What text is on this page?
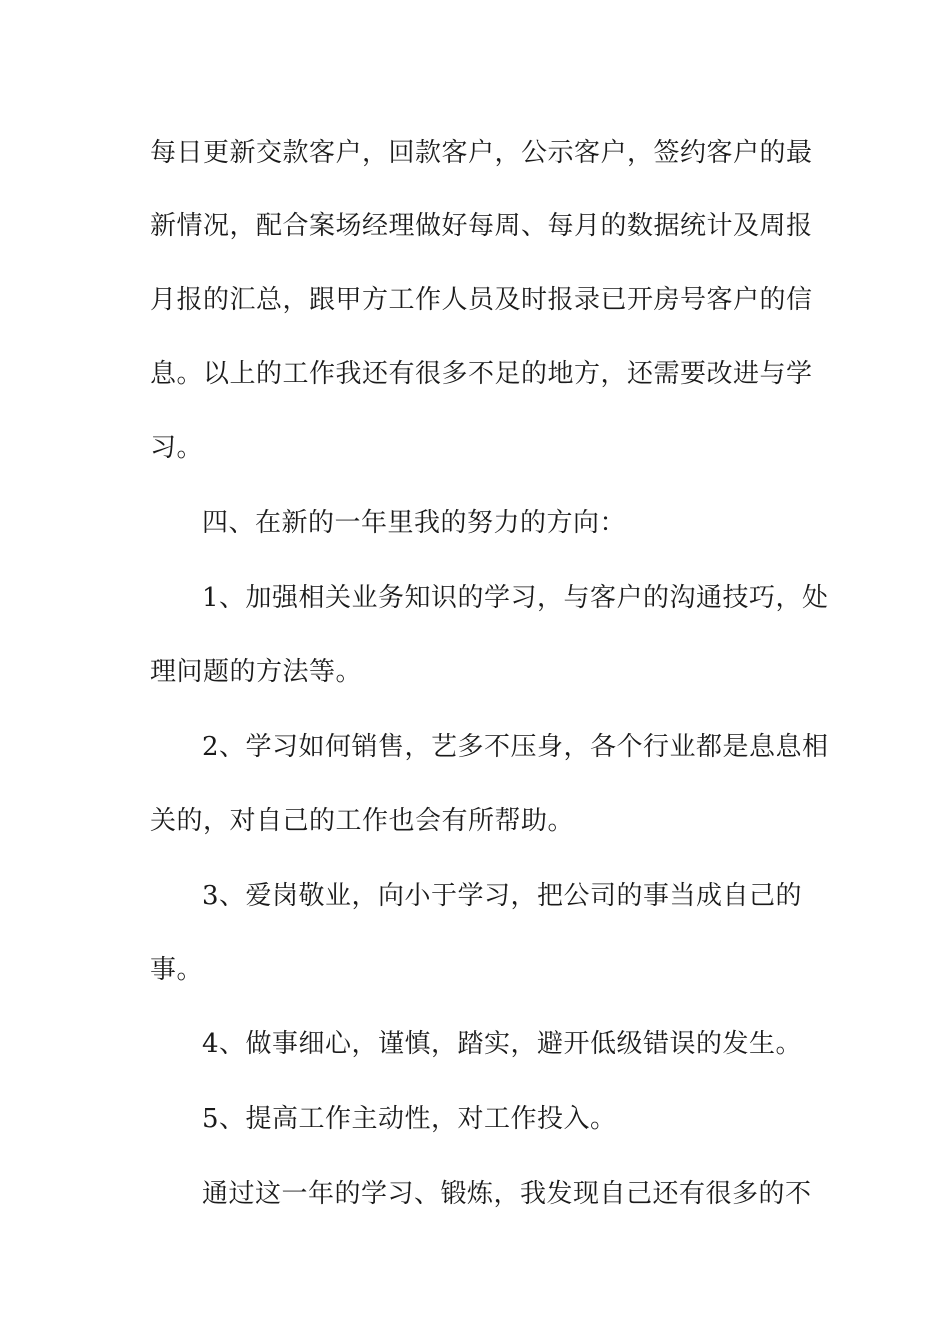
每日更新交款客户，回款客户，公示客户，签约客户的最
新情况，配合案场经理做好每周、每月的数据统计及周报
月报的汇总，跟甲方工作人员及时报录已开房号客户的信
息。以上的工作我还有很多不足的地方，还需要改进与学
习。
四、在新的一年里我的努力的方向：
1、加强相关业务知识的学习，与客户的沟通技巧，处
理问题的方法等。
2、学习如何销售，艺多不压身，各个行业都是息息相
关的，对自己的工作也会有所帮助。
3、爱岗敬业，向小于学习，把公司的事当成自己的
事。
4、做事细心，谨慎，踏实，避开低级错误的发生。
5、提高工作主动性，对工作投入。
通过这一年的学习、锻炼，我发现自己还有很多的不
